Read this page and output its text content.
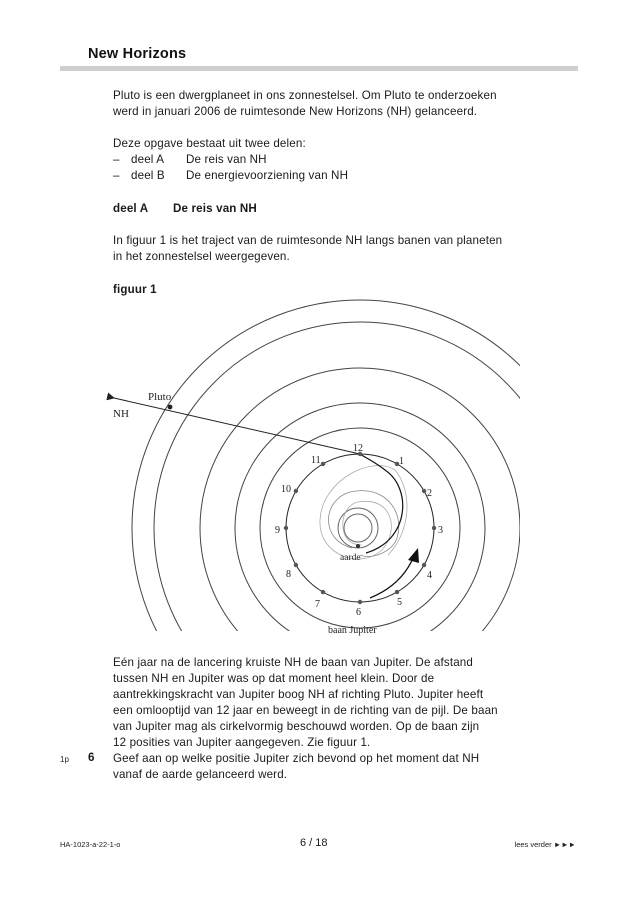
New Horizons
Pluto is een dwergplaneet in ons zonnestelsel. Om Pluto te onderzoeken
werd in januari 2006 de ruimtesonde New Horizons (NH) gelanceerd.
Deze opgave bestaat uit twee delen:
– deel A De reis van NH
– deel B De energievoorziening van NH
deel A De reis van NH
In figuur 1 is het traject van de ruimtesonde NH langs banen van planeten
in het zonnestelsel weergegeven.
figuur 1
Pluto
NH
aarde
baan Jupiter
1
2
3
4
5
6
7
8
9
10
11
12
Eén jaar na de lancering kruiste NH de baan van Jupiter. De afstand
tussen NH en Jupiter was op dat moment heel klein. Door de
aantrekkingskracht van Jupiter boog NH af richting Pluto. Jupiter heeft
een omlooptijd van 12 jaar en beweegt in de richting van de pijl. De baan
van Jupiter mag als cirkelvormig beschouwd worden. Op de baan zijn
12 posities van Jupiter aangegeven. Zie figuur 1.
1p 6 Geef aan op welke positie Jupiter zich bevond op het moment dat NH
vanaf de aarde gelanceerd werd.
HA-1023-a-22-1-o	6 / 18	lees verder ►►►
